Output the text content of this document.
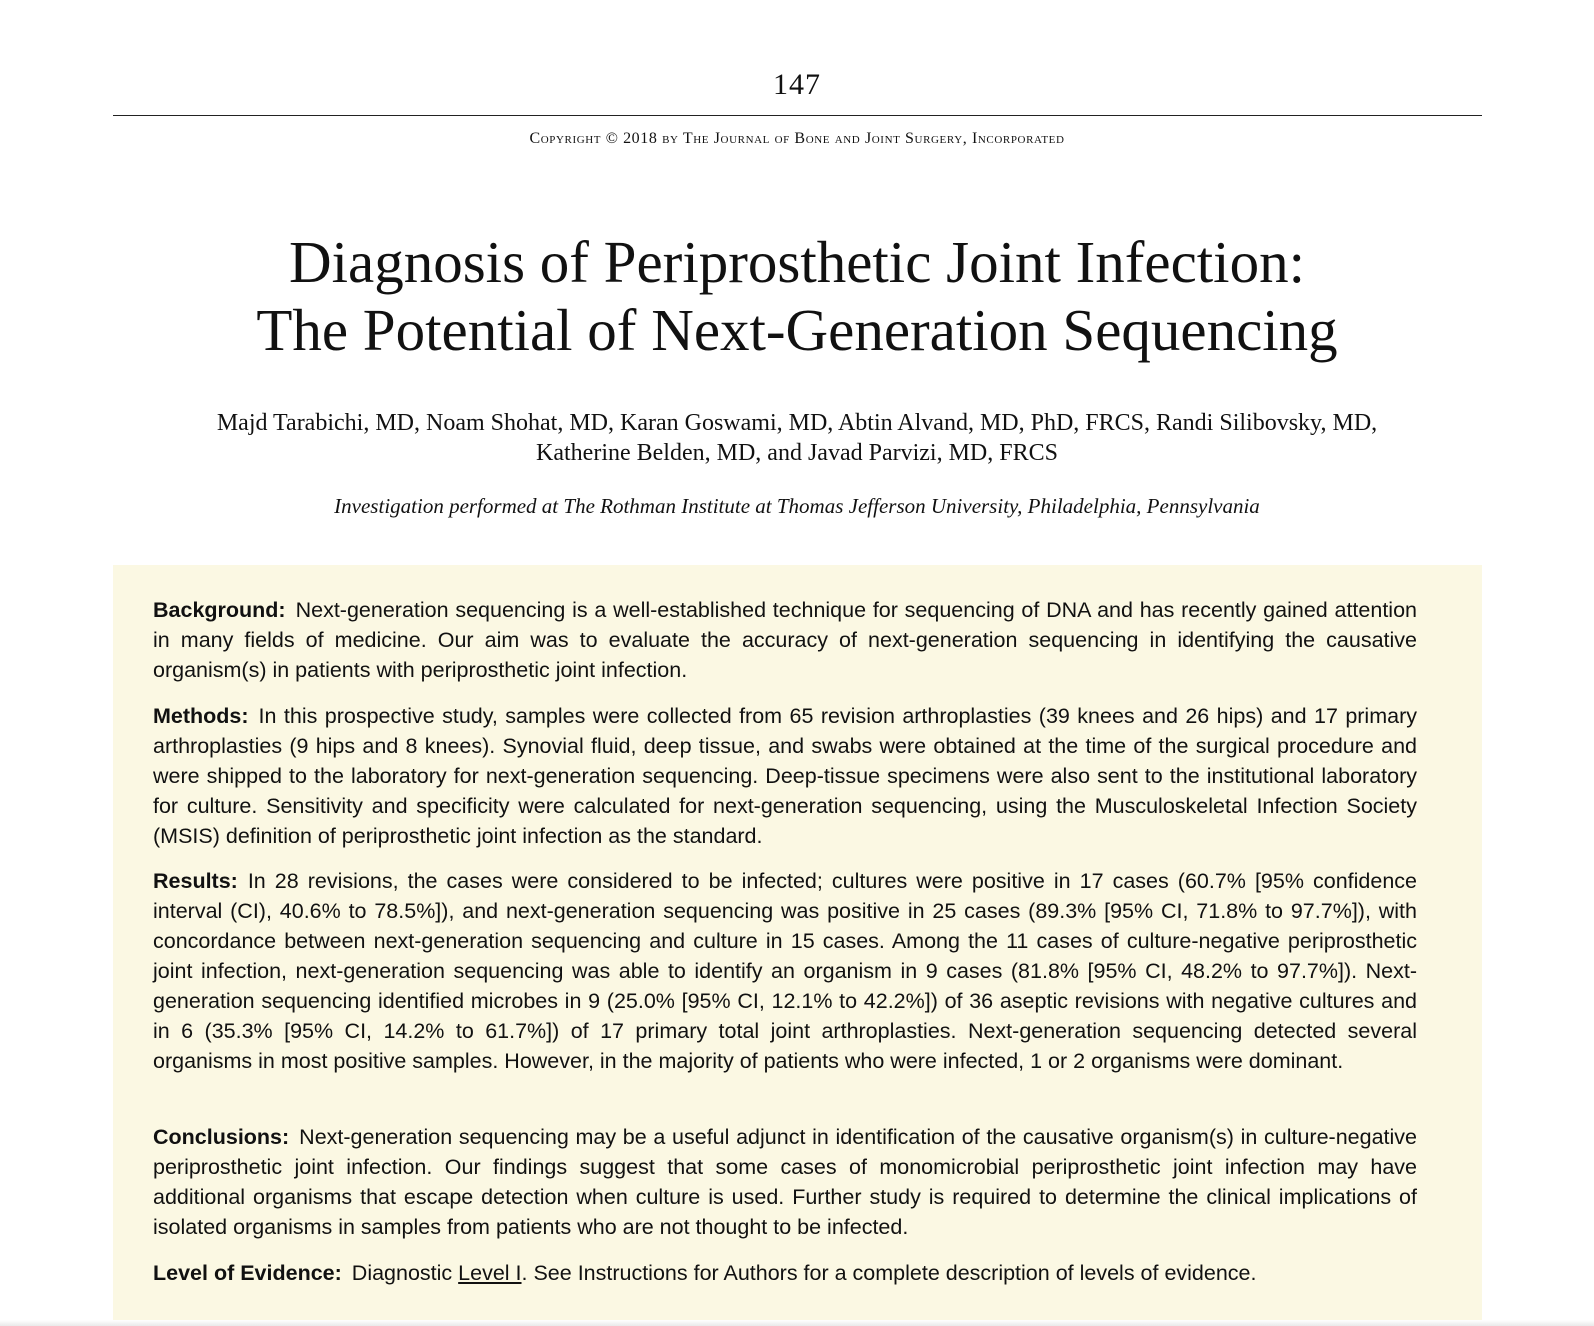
147
Copyright © 2018 by The Journal of Bone and Joint Surgery, Incorporated
Diagnosis of Periprosthetic Joint Infection:
The Potential of Next-Generation Sequencing
Majd Tarabichi, MD, Noam Shohat, MD, Karan Goswami, MD, Abtin Alvand, MD, PhD, FRCS, Randi Silibovsky, MD,
Katherine Belden, MD, and Javad Parvizi, MD, FRCS
Investigation performed at The Rothman Institute at Thomas Jefferson University, Philadelphia, Pennsylvania

Background: Next-generation sequencing is a well-established technique for sequencing of DNA and has recently gained attention in many fields of medicine. Our aim was to evaluate the accuracy of next-generation sequencing in identifying the causative organism(s) in patients with periprosthetic joint infection.

Methods: In this prospective study, samples were collected from 65 revision arthroplasties (39 knees and 26 hips) and 17 primary arthroplasties (9 hips and 8 knees). Synovial fluid, deep tissue, and swabs were obtained at the time of the surgical procedure and were shipped to the laboratory for next-generation sequencing. Deep-tissue specimens were also sent to the institutional laboratory for culture. Sensitivity and specificity were calculated for next-generation sequencing, using the Musculoskeletal Infection Society (MSIS) definition of periprosthetic joint infection as the standard.

Results: In 28 revisions, the cases were considered to be infected; cultures were positive in 17 cases (60.7% [95% confidence interval (CI), 40.6% to 78.5%]), and next-generation sequencing was positive in 25 cases (89.3% [95% CI, 71.8% to 97.7%]), with concordance between next-generation sequencing and culture in 15 cases. Among the 11 cases of culture-negative periprosthetic joint infection, next-generation sequencing was able to identify an organism in 9 cases (81.8% [95% CI, 48.2% to 97.7%]). Next-generation sequencing identified microbes in 9 (25.0% [95% CI, 12.1% to 42.2%]) of 36 aseptic revisions with negative cultures and in 6 (35.3% [95% CI, 14.2% to 61.7%]) of 17 primary total joint arthroplasties. Next-generation sequencing detected several organisms in most positive samples. However, in the majority of patients who were infected, 1 or 2 organisms were dominant.

Conclusions: Next-generation sequencing may be a useful adjunct in identification of the causative organism(s) in culture-negative periprosthetic joint infection. Our findings suggest that some cases of monomicrobial periprosthetic joint infection may have additional organisms that escape detection when culture is used. Further study is required to determine the clinical implications of isolated organisms in samples from patients who are not thought to be infected.

Level of Evidence: Diagnostic Level I. See Instructions for Authors for a complete description of levels of evidence.
